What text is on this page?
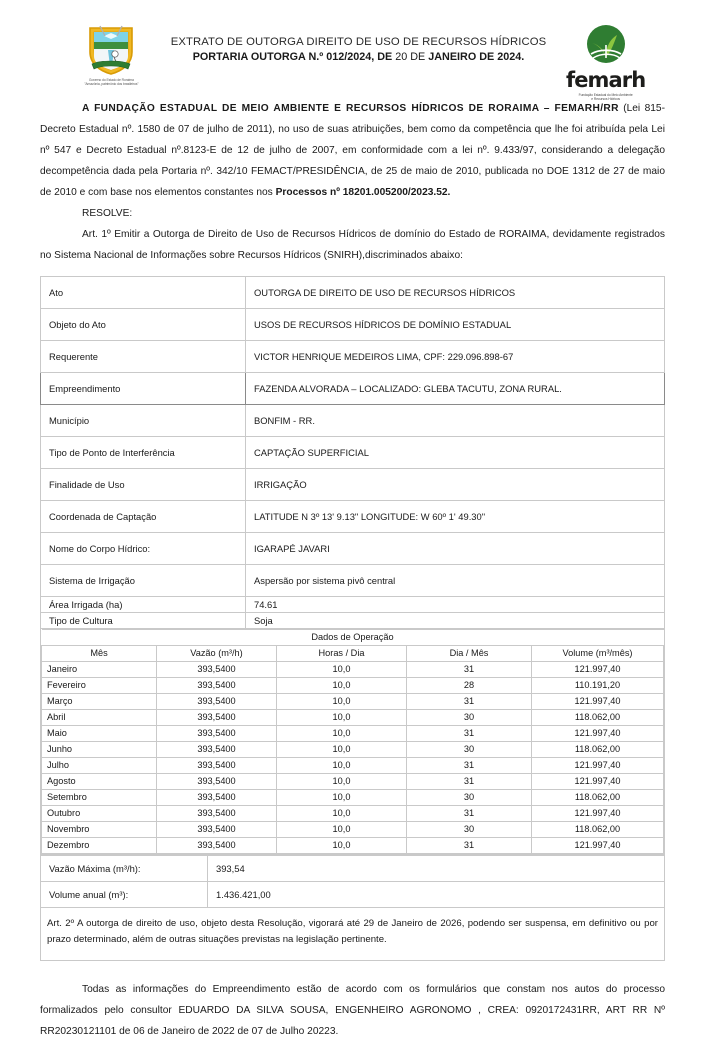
Governo do Estado de Roraima
"Amazônia, patrimônio dos brasileiros"
EXTRATO DE OUTORGA DIREITO DE USO DE RECURSOS HÍDRICOS
PORTARIA OUTORGA N.º 012/2024, DE 20 DE JANEIRO DE 2024.
femarh
Fundação Estadual do Meio Ambiente
e Recursos Hídricos

A FUNDAÇÃO ESTADUAL DE MEIO AMBIENTE E RECURSOS HÍDRICOS DE RORAIMA – FEMARH/RR (Lei 815-Decreto Estadual nº. 1580 de 07 de julho de 2011), no uso de suas atribuições, bem como da competência que lhe foi atribuída pela Lei nº 547 e Decreto Estadual nº.8123-E de 12 de julho de 2007, em conformidade com a lei nº. 9.433/97, considerando a delegação decompetência dada pela Portaria nº. 342/10 FEMACT/PRESIDÊNCIA, de 25 de maio de 2010, publicada no DOE 1312 de 27 de maio de 2010 e com base nos elementos constantes nos Processos nº 18201.005200/2023.52.

RESOLVE:

Art. 1º Emitir a Outorga de Direito de Uso de Recursos Hídricos de domínio do Estado de RORAIMA, devidamente registrados no Sistema Nacional de Informações sobre Recursos Hídricos (SNIRH),discriminados abaixo:

Ato	OUTORGA DE DIREITO DE USO DE RECURSOS HÍDRICOS
Objeto do Ato	USOS DE RECURSOS HÍDRICOS DE DOMÍNIO ESTADUAL
Requerente	VICTOR HENRIQUE MEDEIROS LIMA, CPF: 229.096.898-67
Empreendimento	FAZENDA ALVORADA – LOCALIZADO: GLEBA TACUTU, ZONA RURAL.
Município	BONFIM - RR.
Tipo de Ponto de Interferência	CAPTAÇÃO SUPERFICIAL
Finalidade de Uso	IRRIGAÇÃO
Coordenada de Captação	LATITUDE N 3º 13' 9.13" LONGITUDE: W 60º 1' 49.30"
Nome do Corpo Hídrico:	IGARAPÉ JAVARI
Sistema de Irrigação	Aspersão por sistema pivô central
Área Irrigada (ha)	74.61
Tipo de Cultura	Soja
Dados de Operação				
Mês	Vazão (m³/h)	Horas / Dia	Dia / Mês	Volume (m³/mês)
Janeiro	393,5400	10,0	31	121.997,40
Fevereiro	393,5400	10,0	28	110.191,20
Março	393,5400	10,0	31	121.997,40
Abril	393,5400	10,0	30	118.062,00
Maio	393,5400	10,0	31	121.997,40
Junho	393,5400	10,0	30	118.062,00
Julho	393,5400	10,0	31	121.997,40
Agosto	393,5400	10,0	31	121.997,40
Setembro	393,5400	10,0	30	118.062,00
Outubro	393,5400	10,0	31	121.997,40
Novembro	393,5400	10,0	30	118.062,00
Dezembro	393,5400	10,0	31	121.997,40
Vazão Máxima (m³/h):	393,54
Volume anual (m³):	1.436.421,00
Art. 2º A outorga de direito de uso, objeto desta Resolução, vigorará até 29 de Janeiro de 2026, podendo ser suspensa, em definitivo ou por prazo determinado, além de outras situações previstas na legislação pertinente.

Todas as informações do Empreendimento estão de acordo com os formulários que constam nos autos do processo formalizados pelo consultor EDUARDO DA SILVA SOUSA, ENGENHEIRO AGRONOMO , CREA: 0920172431RR, ART RR Nº RR20230121101 de 06 de Janeiro de 2022 de 07 de Julho 20223.
